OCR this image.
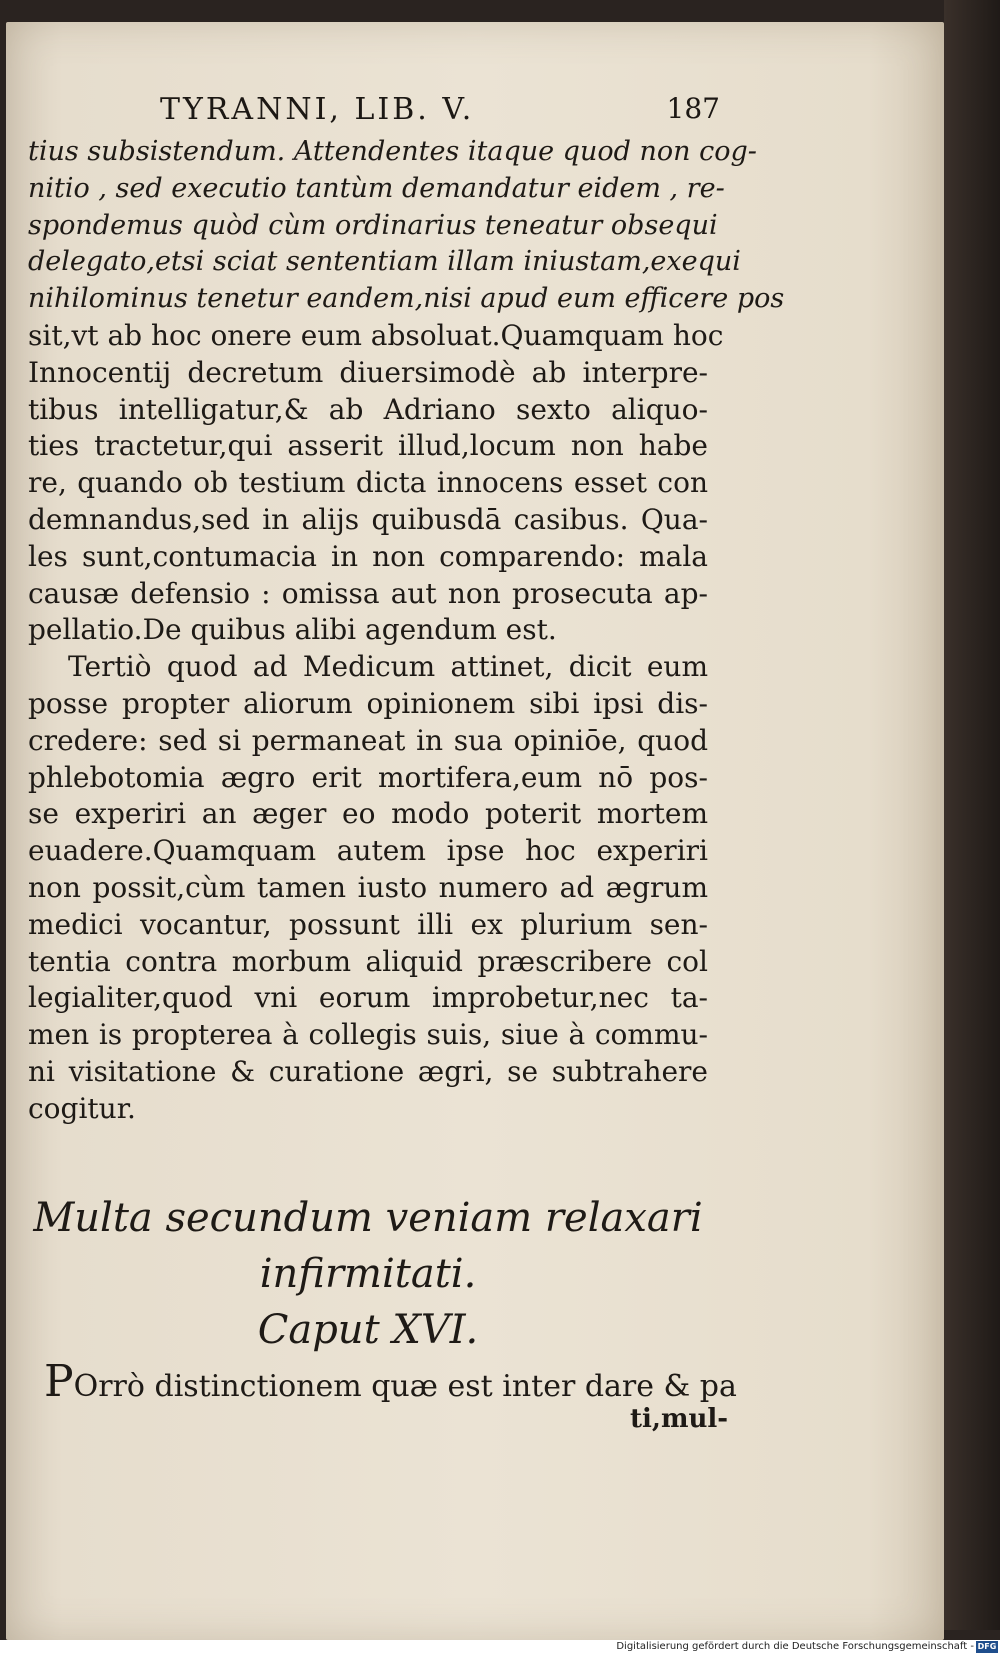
TYRANNI, LIB. V.	187
tius subsistendum. Attendentes itaque quod non cog-
nitio , sed executio tantùm demandatur eidem , re-
spondemus quòd cùm ordinarius teneatur obsequi
delegato,etsi sciat sententiam illam iniustam,exequi
nihilominus tenetur eandem,nisi apud eum efficere pos
sit,vt ab hoc onere eum absoluat.Quamquam hoc
Innocentij decretum diuersimodè ab interpre-
tibus intelligatur,& ab Adriano sexto aliquo-
ties tractetur,qui asserit illud,locum non habe
re, quando ob testium dicta innocens esset con
demnandus,sed in alijs quibusdā casibus. Qua-
les sunt,contumacia in non comparendo: mala
causæ defensio : omissa aut non prosecuta ap-
pellatio.De quibus alibi agendum est.
Tertiò quod ad Medicum attinet, dicit eum
posse propter aliorum opinionem sibi ipsi dis-
credere: sed si permaneat in sua opiniōe, quod
phlebotomia ægro erit mortifera,eum nō pos-
se experiri an æger eo modo poterit mortem
euadere.Quamquam autem ipse hoc experiri
non possit,cùm tamen iusto numero ad ægrum
medici vocantur, possunt illi ex plurium sen-
tentia contra morbum aliquid præscribere col
legialiter,quod vni eorum improbetur,nec ta-
men is propterea à collegis suis, siue à commu-
ni visitatione & curatione ægri, se subtrahere
cogitur.
Multa secundum veniam relaxari
infirmitati.
Caput XVI.
POrrò distinctionem quæ est inter dare & pa
ti,mul-
Digitalisierung gefördert durch die Deutsche Forschungsgemeinschaft - DFG
